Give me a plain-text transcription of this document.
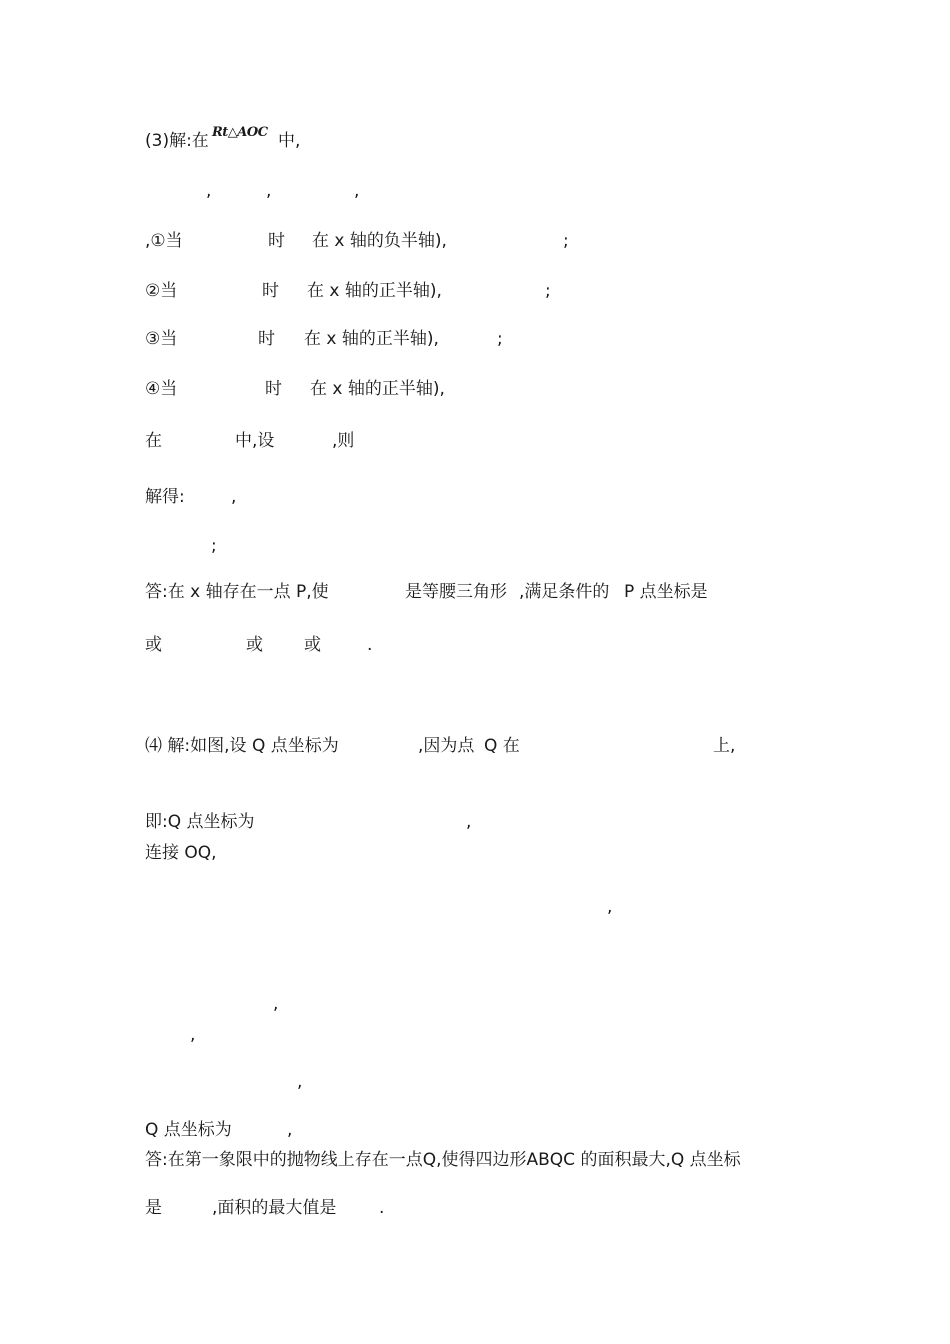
(3)解:在 Rt△AOC 中,
,	,	,
,①当	时 在 x 轴的负半轴),	;
②当	时 在 x 轴的正半轴),	;
③当	时 在 x 轴的正半轴),	;
④当	时 在 x 轴的正半轴),
在	中,设	,则
解得:	,
;
答:在 x 轴存在一点 P,使	是等腰三角形 ,满足条件的 P 点坐标是
或	或 或	.
⑷ 解:如图,设 Q 点坐标为	,因为点 Q 在	上,
即:Q 点坐标为	,
连接 OQ,
,
,
,
,
Q 点坐标为	,
答:在第一象限中的抛物线上存在一点Q,使得四边形ABQC 的面积最大,Q 点坐标
是	,面积的最大值是	.
